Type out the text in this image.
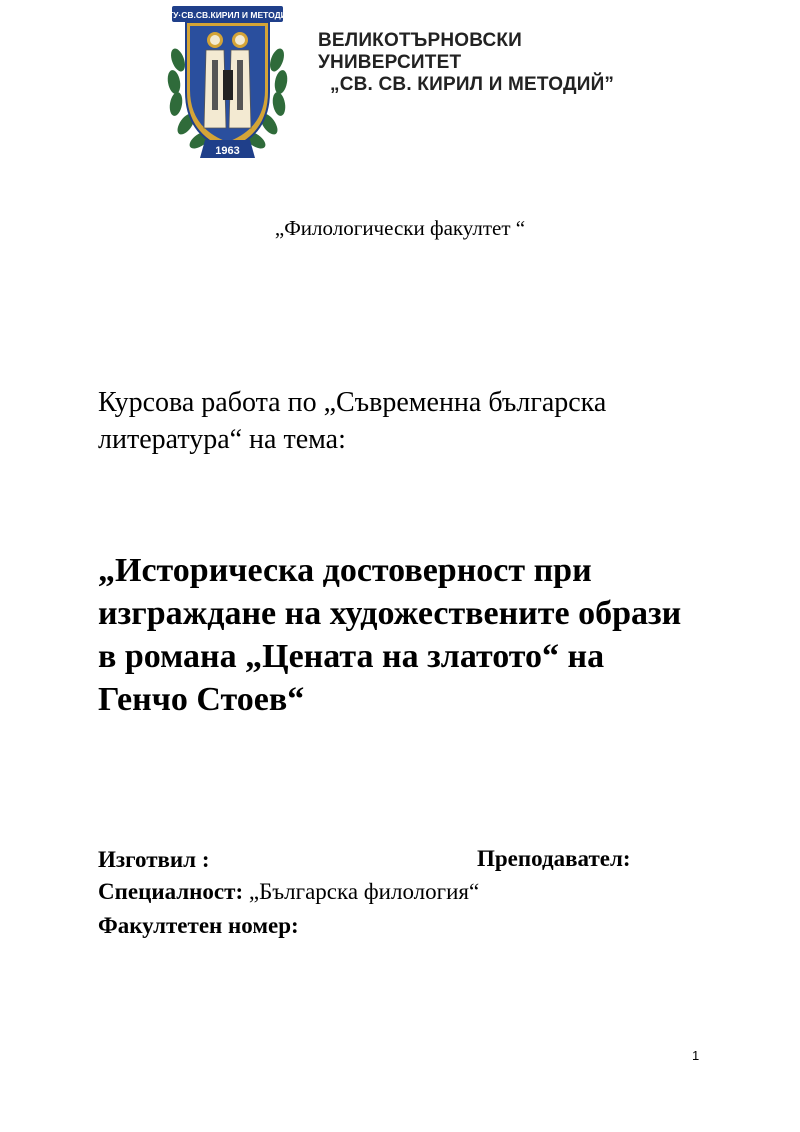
ВТУ·СВ.СВ.КИРИЛ И МЕТОДИЙ
1963
ВЕЛИКОТЪРНОВСКИ УНИВЕРСИТЕТ
„СВ. СВ. КИРИЛ И МЕТОДИЙ”
„Филологически факултет “
Курсова работа по „Съвременна българска
литература“ на тема:
„Историческа достоверност при
изграждане на художествените образи
в романа „Цената на златото“ на
Генчо Стоев“
Изготвил :	Преподавател:
Специалност: „Българска филология“
Факултетен номер:
1
